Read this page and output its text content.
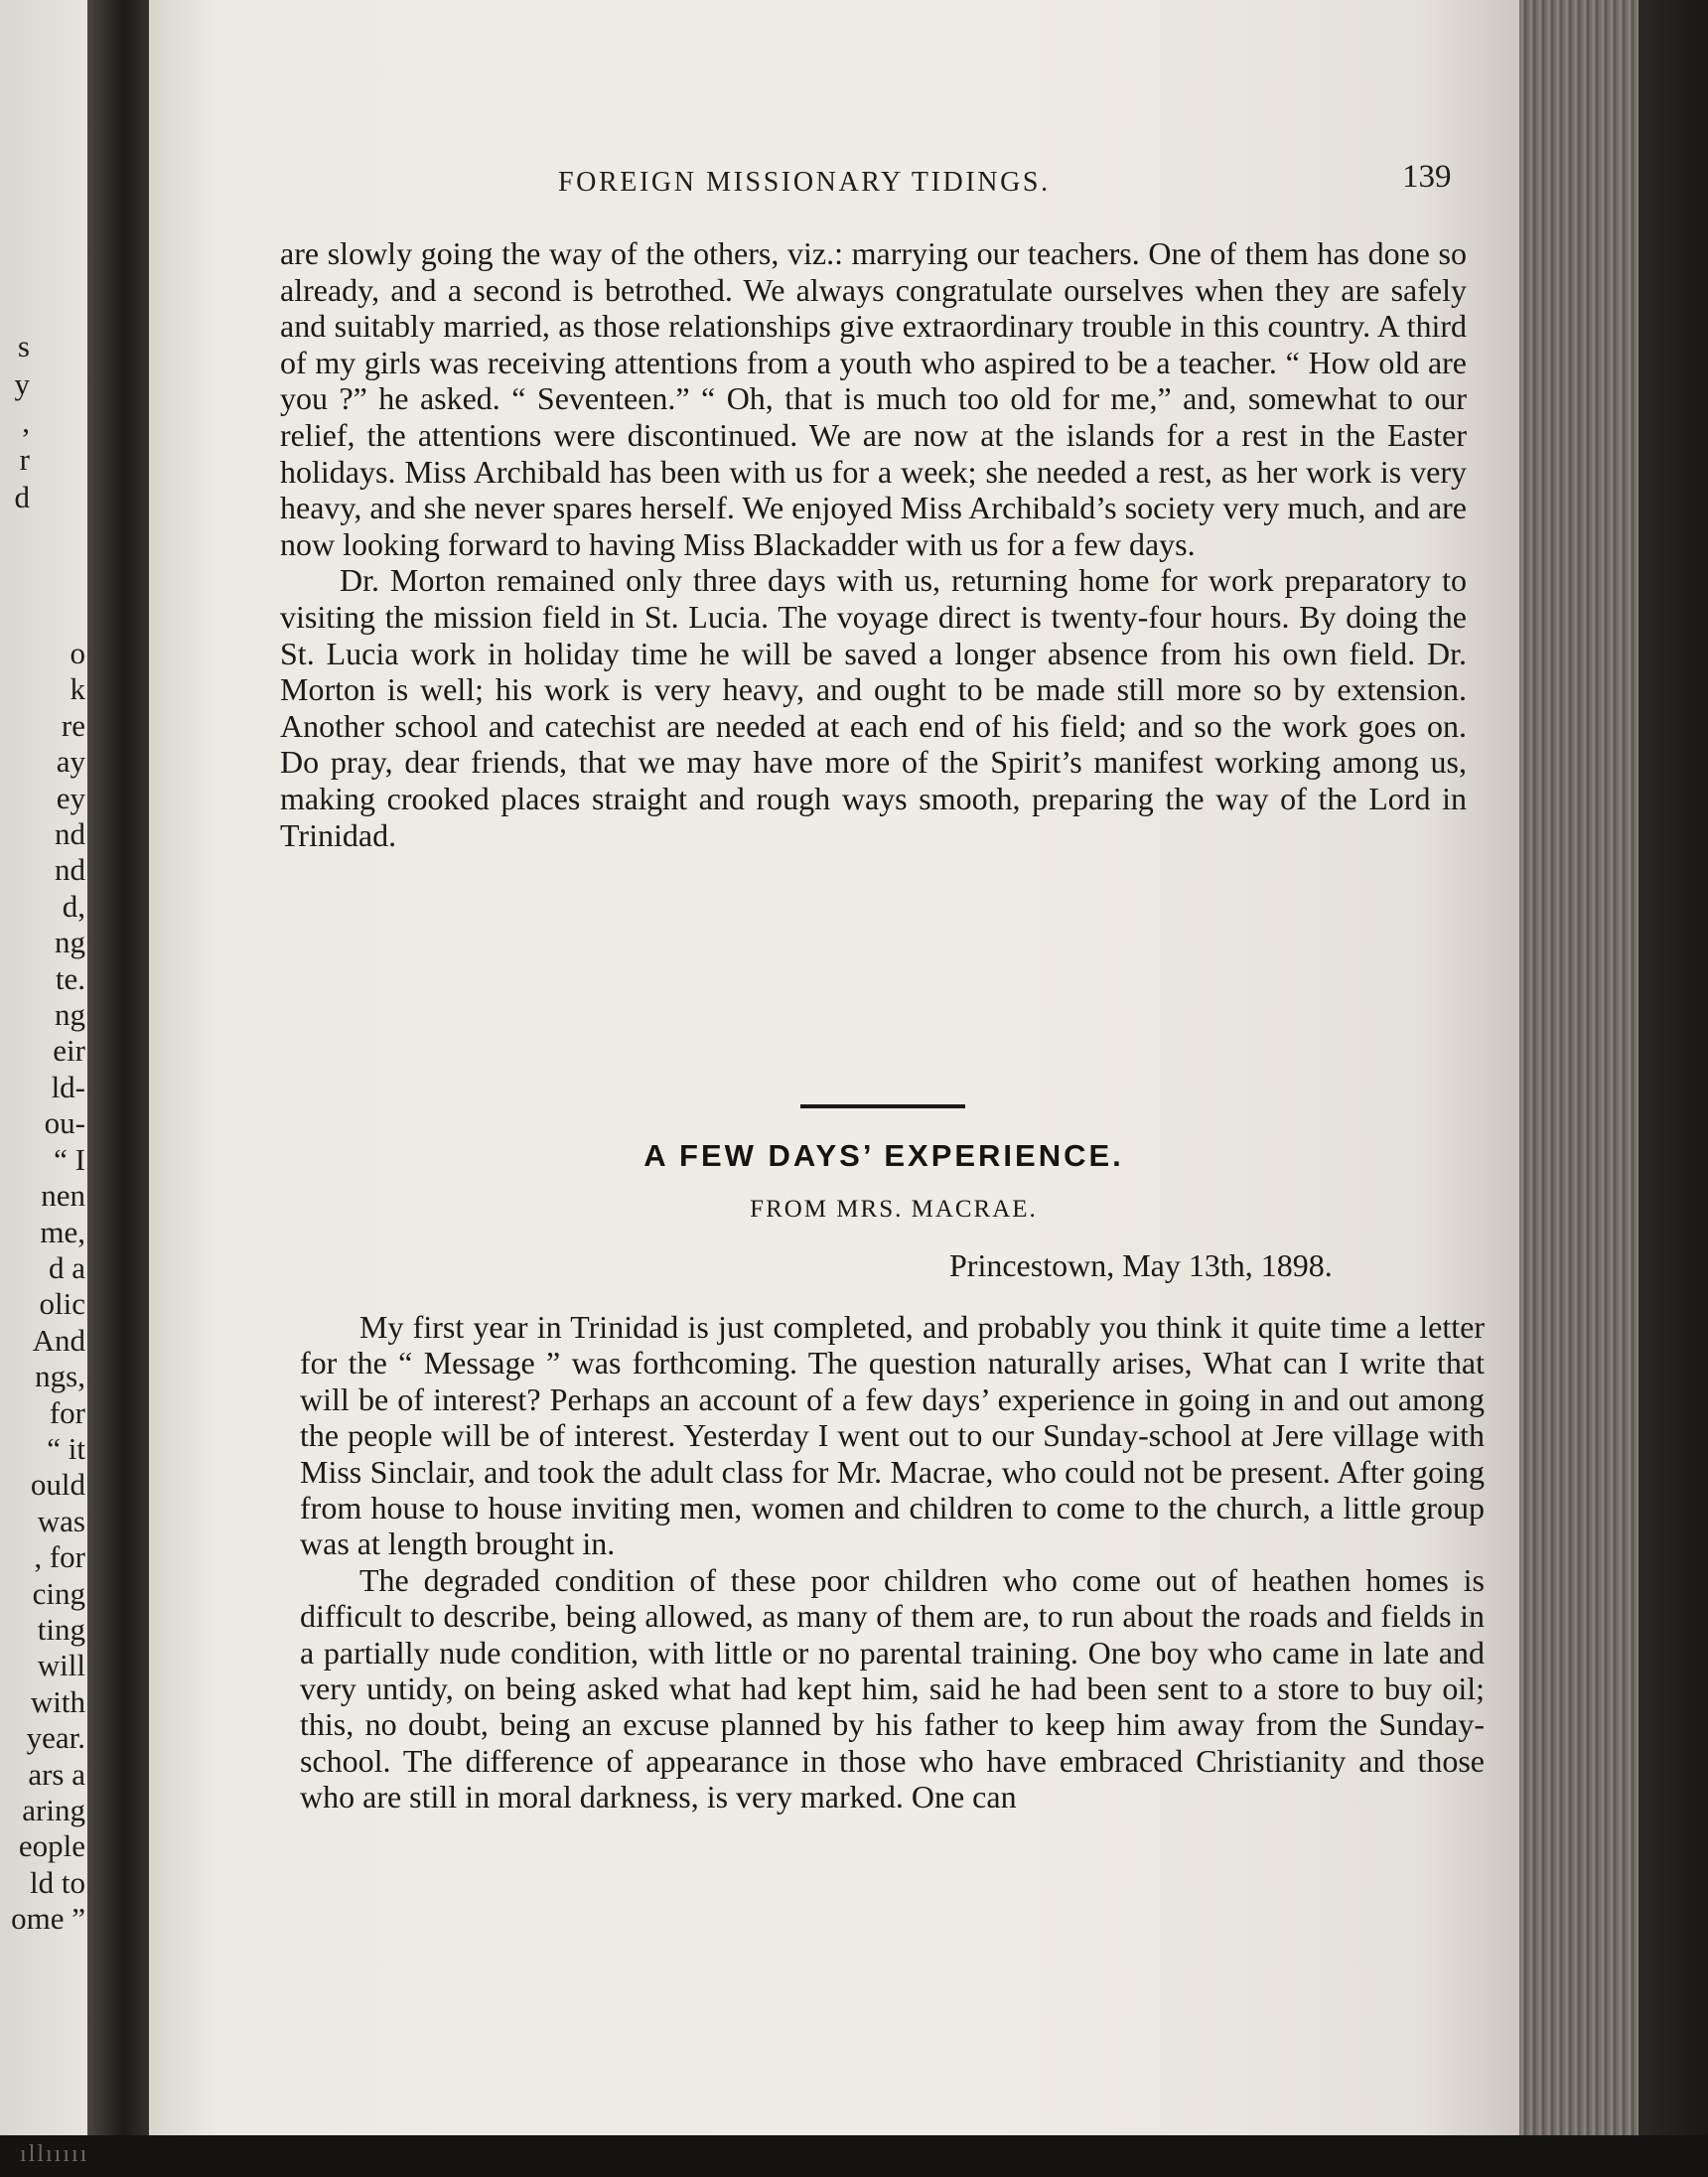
s
y
,
r
d
o
k
re
ay
ey
nd
nd
d,
ng
te.
ng
eir
ld-
ou-
“ I
nen
me,
d a
olic
And
ngs,
for
“ it
ould
was
, for
cing
ting
will
with
year.
ars a
aring
eople
ld to
ome ”
FOREIGN MISSIONARY TIDINGS.	139

are slowly going the way of the others, viz.: marrying our teachers. One of them has done so already, and a second is betrothed. We always congratulate ourselves when they are safely and suitably married, as those relationships give extraordinary trouble in this country. A third of my girls was receiving attentions from a youth who aspired to be a teacher. “ How old are you ?” he asked. “ Seventeen.” “ Oh, that is much too old for me,” and, somewhat to our relief, the attentions were discontinued. We are now at the islands for a rest in the Easter holidays. Miss Archibald has been with us for a week; she needed a rest, as her work is very heavy, and she never spares herself. We enjoyed Miss Archibald’s society very much, and are now looking forward to having Miss Blackadder with us for a few days.

Dr. Morton remained only three days with us, returning home for work preparatory to visiting the mission field in St. Lucia. The voyage direct is twenty-four hours. By doing the St. Lucia work in holiday time he will be saved a longer absence from his own field. Dr. Morton is well; his work is very heavy, and ought to be made still more so by extension. Another school and catechist are needed at each end of his field; and so the work goes on. Do pray, dear friends, that we may have more of the Spirit’s manifest working among us, making crooked places straight and rough ways smooth, preparing the way of the Lord in Trinidad.

A FEW DAYS’ EXPERIENCE.
FROM MRS. MACRAE.
Princestown, May 13th, 1898.

My first year in Trinidad is just completed, and probably you think it quite time a letter for the “ Message ” was forthcoming. The question naturally arises, What can I write that will be of interest? Perhaps an account of a few days’ experience in going in and out among the people will be of interest. Yesterday I went out to our Sunday-school at Jere village with Miss Sinclair, and took the adult class for Mr. Macrae, who could not be present. After going from house to house inviting men, women and children to come to the church, a little group was at length brought in.

The degraded condition of these poor children who come out of heathen homes is difficult to describe, being allowed, as many of them are, to run about the roads and fields in a partially nude condition, with little or no parental training. One boy who came in late and very untidy, on being asked what had kept him, said he had been sent to a store to buy oil; this, no doubt, being an excuse planned by his father to keep him away from the Sunday-school. The difference of appearance in those who have embraced Christianity and those who are still in moral darkness, is very marked. One can

ıllııııı
